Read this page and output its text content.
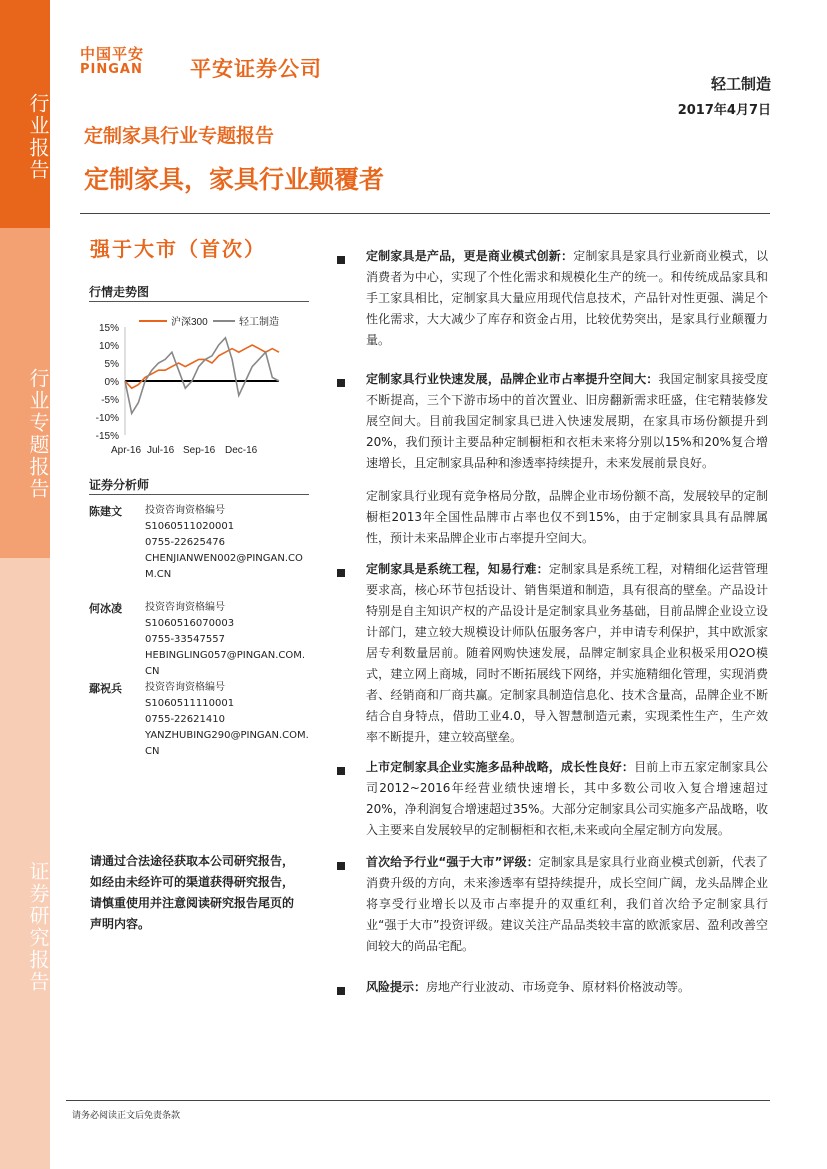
行业报告
行业专题报告
证券研究报告
中国平安
PINGAN 平安证券公司
轻工制造
2017年4月7日
定制家具行业专题报告
定制家具，家具行业颠覆者
强于大市（首次）
行情走势图
15%
10%
5%
0%
-5%
-10%
-15%
Apr-16 Jul-16 Sep-16 Dec-16
沪深300	轻工制造
证券分析师
陈建文 投资咨询资格编号
S1060511020001
0755-22625476
CHENJIANWEN002@PINGAN.COM.CN
何冰凌 投资咨询资格编号
S1060516070003
0755-33547557
HEBINGLING057@PINGAN.COM.CN
鄢祝兵 投资咨询资格编号
S1060511110001
0755-22621410
YANZHUBING290@PINGAN.COM.CN
请通过合法途径获取本公司研究报告，如经由未经许可的渠道获得研究报告，请慎重使用并注意阅读研究报告尾页的声明内容。
定制家具是产品，更是商业模式创新：定制家具是家具行业新商业模式，以消费者为中心，实现了个性化需求和规模化生产的统一。和传统成品家具和手工家具相比，定制家具大量应用现代信息技术，产品针对性更强、满足个性化需求，大大减少了库存和资金占用，比较优势突出，是家具行业颠覆力量。
定制家具行业快速发展，品牌企业市占率提升空间大：我国定制家具接受度不断提高，三个下游市场中的首次置业、旧房翻新需求旺盛，住宅精装修发展空间大。目前我国定制家具已进入快速发展期，在家具市场份额提升到20%，我们预计主要品种定制橱柜和衣柜未来将分别以15%和20%复合增速增长，且定制家具品种和渗透率持续提升，未来发展前景良好。
定制家具行业现有竞争格局分散，品牌企业市场份额不高，发展较早的定制橱柜2013年全国性品牌市占率也仅不到15%，由于定制家具具有品牌属性，预计未来品牌企业市占率提升空间大。
定制家具是系统工程，知易行难：定制家具是系统工程，对精细化运营管理要求高，核心环节包括设计、销售渠道和制造，具有很高的壁垒。产品设计特别是自主知识产权的产品设计是定制家具业务基础，目前品牌企业设立设计部门，建立较大规模设计师队伍服务客户，并申请专利保护，其中欧派家居专利数量居前。随着网购快速发展，品牌定制家具企业积极采用O2O模式，建立网上商城，同时不断拓展线下网络，并实施精细化管理，实现消费者、经销商和厂商共赢。定制家具制造信息化、技术含量高，品牌企业不断结合自身特点，借助工业4.0，导入智慧制造元素，实现柔性生产，生产效率不断提升，建立较高壁垒。
上市定制家具企业实施多品种战略，成长性良好：目前上市五家定制家具公司2012~2016年经营业绩快速增长，其中多数公司收入复合增速超过20%，净利润复合增速超过35%。大部分定制家具公司实施多产品战略，收入主要来自发展较早的定制橱柜和衣柜,未来或向全屋定制方向发展。
首次给予行业“强于大市”评级：定制家具是家具行业商业模式创新，代表了消费升级的方向，未来渗透率有望持续提升，成长空间广阔，龙头品牌企业将享受行业增长以及市占率提升的双重红利，我们首次给予定制家具行业“强于大市”投资评级。建议关注产品品类较丰富的欧派家居、盈利改善空间较大的尚品宅配。
风险提示：房地产行业波动、市场竞争、原材料价格波动等。
请务必阅读正文后免责条款
